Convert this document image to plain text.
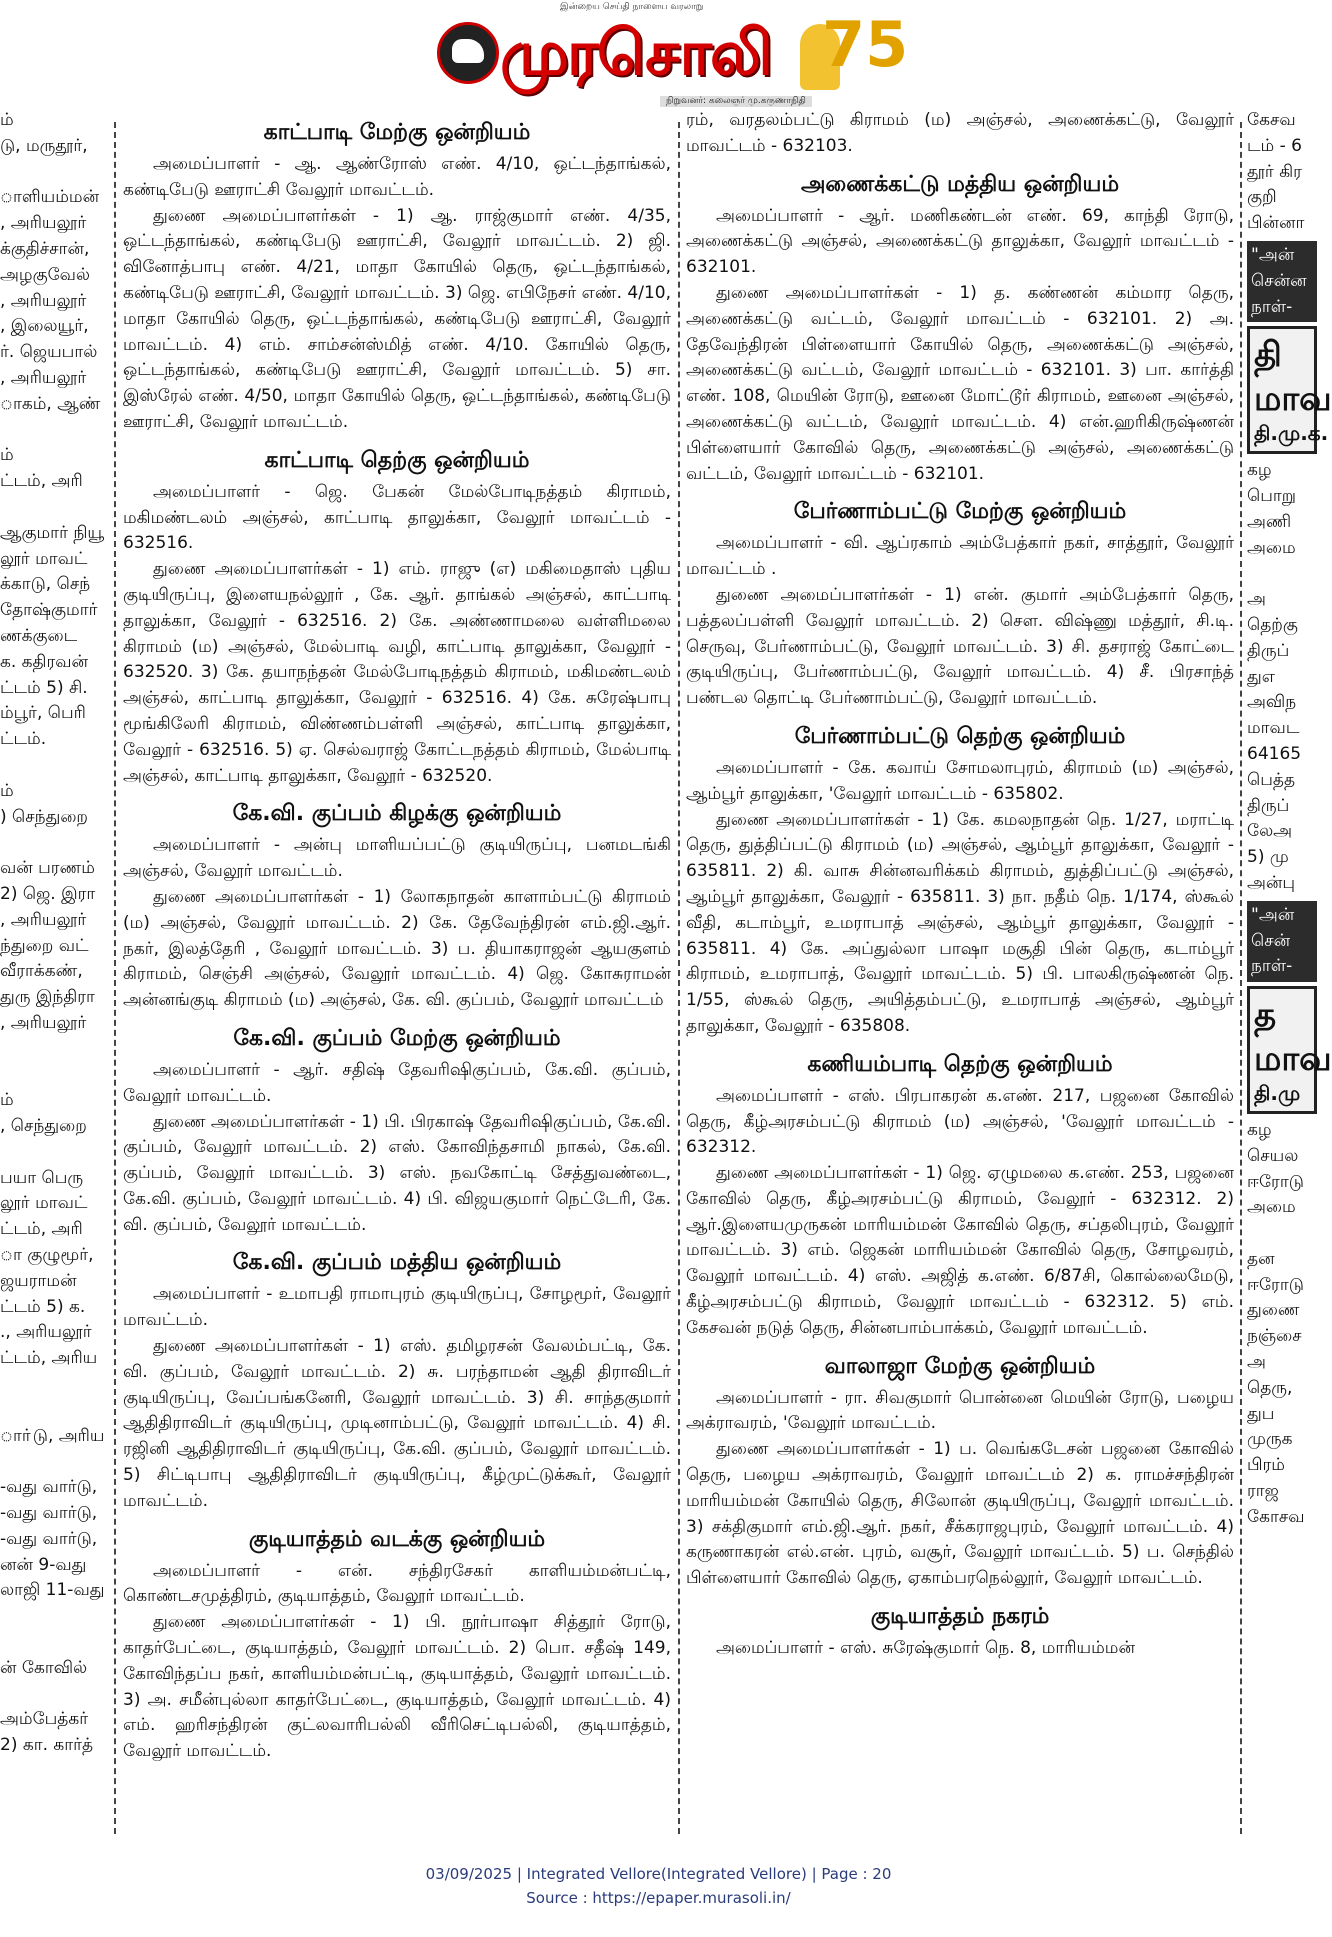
இன்றைய செய்தி நாளைய வரலாறு
முரசொலி
நிறுவனர்: கலைஞர் மு.கருணாநிதி
75

ம்

டு, மருதூர்,

ாளியம்மன்

, அரியலூர்

க்குதிச்சான்,

அழகுவேல்

, அரியலூர்

, இலையூர்,

ர். ஜெயபால்

, அரியலூர்

ாகம், ஆண்

ம்

ட்டம், அரி

ஆகுமார் நியூ

லூர் மாவட்

க்காடு, செந்

தோஷ்குமார்

ணக்குடை

க. கதிரவன்

ட்டம் 5) சி.

ம்பூர், பெரி

ட்டம்.

ம்

) செந்துறை

வன் பரணம்

2) ஜெ. இரா

, அரியலூர்

ந்துறை வட்

வீராக்கண்,

துரு இந்திரா

, அரியலூர்

ம்

, செந்துறை

பயா பெரு

லூர் மாவட்

ட்டம், அரி

ா குழுமூர்,

ஜயராமன்

ட்டம் 5) க.

., அரியலூர்

ட்டம், அரிய

ாா்டு, அரிய

-வது வார்டு,

-வது வார்டு,

-வது வார்டு,

னன் 9-வது

லாஜி 11-வது

ன் கோவில்

அம்பேத்கர்

2) கா. கார்த்

காட்பாடி மேற்கு ஒன்றியம்

அமைப்பாளர் - ஆ. ஆண்ரோஸ் எண். 4/10, ஒட்டந்தாங்கல், கண்டிபேடு ஊராட்சி வேலூர் மாவட்டம்.

துணை அமைப்பாளர்கள் - 1) ஆ. ராஜ்குமார் எண். 4/35, ஒட்டந்தாங்கல், கண்டிபேடு ஊராட்சி, வேலூர் மாவட்டம். 2) ஜி. வினோத்பாபு எண். 4/21, மாதா கோயில் தெரு, ஒட்டந்தாங்கல், கண்டிபேடு ஊராட்சி, வேலூர் மாவட்டம். 3) ஜெ. எபிநேசர் எண். 4/10, மாதா கோயில் தெரு, ஒட்டந்தாங்கல், கண்டிபேடு ஊராட்சி, வேலூர் மாவட்டம். 4) எம். சாம்சன்ஸ்மித் எண். 4/10. கோயில் தெரு, ஒட்டந்தாங்கல், கண்டிபேடு ஊராட்சி, வேலூர் மாவட்டம். 5) சா. இஸ்ரேல் எண். 4/50, மாதா கோயில் தெரு, ஒட்டந்தாங்கல், கண்டிபேடு ஊராட்சி, வேலூர் மாவட்டம்.

காட்பாடி தெற்கு ஒன்றியம்

அமைப்பாளர் - ஜெ. பேகன் மேல்போடிநத்தம் கிராமம், மகிமண்டலம் அஞ்சல், காட்பாடி தாலுக்கா, வேலூர் மாவட்டம் - 632516.

துணை அமைப்பாளர்கள் - 1) எம். ராஜு (எ) மகிமைதாஸ் புதிய குடியிருப்பு, இளையநல்லூர் , கே. ஆர். தாங்கல் அஞ்சல், காட்பாடி தாலுக்கா, வேலூர் - 632516. 2) கே. அண்ணாமலை வள்ளிமலை கிராமம் (ம) அஞ்சல், மேல்பாடி வழி, காட்பாடி தாலுக்கா, வேலூர் - 632520. 3) கே. தயாநந்தன் மேல்போடிநத்தம் கிராமம், மகிமண்டலம் அஞ்சல், காட்பாடி தாலுக்கா, வேலூர் - 632516. 4) கே. சுரேஷ்பாபு மூங்கிலேரி கிராமம், விண்ணம்பள்ளி அஞ்சல், காட்பாடி தாலுக்கா, வேலூர் - 632516. 5) ஏ. செல்வராஜ் கோட்டநத்தம் கிராமம், மேல்பாடி அஞ்சல், காட்பாடி தாலுக்கா, வேலூர் - 632520.

கே.வி. குப்பம் கிழக்கு ஒன்றியம்

அமைப்பாளர் - அன்பு மாளியப்பட்டு குடியிருப்பு, பனமடங்கி அஞ்சல், வேலூர் மாவட்டம்.

துணை அமைப்பாளர்கள் - 1) லோகநாதன் காளாம்பட்டு கிராமம் (ம) அஞ்சல், வேலூர் மாவட்டம். 2) கே. தேவேந்திரன் எம்.ஜி.ஆர். நகர், இலத்தேரி , வேலூர் மாவட்டம். 3) ப. தியாகராஜன் ஆயகுளம் கிராமம், செஞ்சி அஞ்சல், வேலூர் மாவட்டம். 4) ஜெ. கோசுராமன் அன்னங்குடி கிராமம் (ம) அஞ்சல், கே. வி. குப்பம், வேலூர் மாவட்டம்

கே.வி. குப்பம் மேற்கு ஒன்றியம்

அமைப்பாளர் - ஆர். சதிஷ் தேவரிஷிகுப்பம், கே.வி. குப்பம், வேலூர் மாவட்டம்.

துணை அமைப்பாளர்கள் - 1) பி. பிரகாஷ் தேவரிஷிகுப்பம், கே.வி. குப்பம், வேலூர் மாவட்டம். 2) எஸ். கோவிந்தசாமி நாகல், கே.வி. குப்பம், வேலூர் மாவட்டம். 3) எஸ். நவகோட்டி சேத்துவண்டை, கே.வி. குப்பம், வேலூர் மாவட்டம். 4) பி. விஜயகுமார் நெட்டேரி, கே. வி. குப்பம், வேலூர் மாவட்டம்.

கே.வி. குப்பம் மத்திய ஒன்றியம்

அமைப்பாளர் - உமாபதி ராமாபுரம் குடியிருப்பு, சோழமூர், வேலூர் மாவட்டம்.

துணை அமைப்பாளர்கள் - 1) எஸ். தமிழரசன் வேலம்பட்டி, கே. வி. குப்பம், வேலூர் மாவட்டம். 2) சு. பரந்தாமன் ஆதி திராவிடர் குடியிருப்பு, வேப்பங்கனேரி, வேலூர் மாவட்டம். 3) சி. சாந்தகுமார் ஆதிதிராவிடர் குடியிருப்பு, முடினாம்பட்டு, வேலூர் மாவட்டம். 4) சி. ரஜினி ஆதிதிராவிடர் குடியிருப்பு, கே.வி. குப்பம், வேலூர் மாவட்டம். 5) சிட்டிபாபு ஆதிதிராவிடர் குடியிருப்பு, கீழ்முட்டுக்கூர், வேலூர் மாவட்டம்.

குடியாத்தம் வடக்கு ஒன்றியம்

அமைப்பாளர் - என். சந்திரசேகர் காளியம்மன்பட்டி, கொண்டசமுத்திரம், குடியாத்தம், வேலூர் மாவட்டம்.

துணை அமைப்பாளர்கள் - 1) பி. நூர்பாஷா சித்தூர் ரோடு, காதர்பேட்டை, குடியாத்தம், வேலூர் மாவட்டம். 2) பொ. சதீஷ் 149, கோவிந்தப்ப நகர், காளியம்மன்பட்டி, குடியாத்தம், வேலூர் மாவட்டம். 3) அ. சமீன்புல்லா காதர்பேட்டை, குடியாத்தம், வேலூர் மாவட்டம். 4) எம். ஹரிசந்திரன் குட்லவாரிபல்லி வீரிசெட்டிபல்லி, குடியாத்தம், வேலூர் மாவட்டம்.

ரம், வரதலம்பட்டு கிராமம் (ம) அஞ்சல், அணைக்கட்டு, வேலூர் மாவட்டம் - 632103.

அணைக்கட்டு மத்திய ஒன்றியம்

அமைப்பாளர் - ஆர். மணிகண்டன் எண். 69, காந்தி ரோடு, அணைக்கட்டு அஞ்சல், அணைக்கட்டு தாலுக்கா, வேலூர் மாவட்டம் - 632101.

துணை அமைப்பாளர்கள் - 1) த. கண்ணன் கம்மார தெரு, அணைக்கட்டு வட்டம், வேலூர் மாவட்டம் - 632101. 2) அ. தேவேந்திரன் பிள்ளையார் கோயில் தெரு, அணைக்கட்டு அஞ்சல், அணைக்கட்டு வட்டம், வேலூர் மாவட்டம் - 632101. 3) பா. கார்த்தி எண். 108, மெயின் ரோடு, ஊனை மோட்டூர் கிராமம், ஊனை அஞ்சல், அணைக்கட்டு வட்டம், வேலூர் மாவட்டம். 4) என்.ஹரிகிருஷ்ணன் பிள்ளையார் கோவில் தெரு, அணைக்கட்டு அஞ்சல், அணைக்கட்டு வட்டம், வேலூர் மாவட்டம் - 632101.

பேர்ணாம்பட்டு மேற்கு ஒன்றியம்

அமைப்பாளர் - வி. ஆப்ரகாம் அம்பேத்கார் நகர், சாத்தூர், வேலூர் மாவட்டம் .

துணை அமைப்பாளர்கள் - 1) என். குமார் அம்பேத்கார் தெரு, பத்தலப்பள்ளி வேலூர் மாவட்டம். 2) செள. விஷ்ணு மத்தூர், சி.டி. செருவு, பேர்ணாம்பட்டு, வேலூர் மாவட்டம். 3) சி. தசராஜ் கோட்டை குடியிருப்பு, பேர்ணாம்பட்டு, வேலூர் மாவட்டம். 4) சீ. பிரசாந்த் பண்டல தொட்டி பேர்ணாம்பட்டு, வேலூர் மாவட்டம்.

பேர்ணாம்பட்டு தெற்கு ஒன்றியம்

அமைப்பாளர் - கே. கவாய் சோமலாபுரம், கிராமம் (ம) அஞ்சல், ஆம்பூர் தாலுக்கா, 'வேலூர் மாவட்டம் - 635802.

துணை அமைப்பாளர்கள் - 1) கே. கமலநாதன் நெ. 1/27, மராட்டி தெரு, துத்திப்பட்டு கிராமம் (ம) அஞ்சல், ஆம்பூர் தாலுக்கா, வேலூர் - 635811. 2) கி. வாசு சின்னவரிக்கம் கிராமம், துத்திப்பட்டு அஞ்சல், ஆம்பூர் தாலுக்கா, வேலூர் - 635811. 3) நா. நதீம் நெ. 1/174, ஸ்கூல் வீதி, கடாம்பூர், உமராபாத் அஞ்சல், ஆம்பூர் தாலுக்கா, வேலூர் - 635811. 4) கே. அப்துல்லா பாஷா மசூதி பின் தெரு, கடாம்பூர் கிராமம், உமராபாத், வேலூர் மாவட்டம். 5) பி. பாலகிருஷ்ணன் நெ. 1/55, ஸ்கூல் தெரு, அயித்தம்பட்டு, உமராபாத் அஞ்சல், ஆம்பூர் தாலுக்கா, வேலூர் - 635808.

கணியம்பாடி தெற்கு ஒன்றியம்

அமைப்பாளர் - எஸ். பிரபாகரன் க.எண். 217, பஜனை கோவில் தெரு, கீழ்அரசம்பட்டு கிராமம் (ம) அஞ்சல், 'வேலூர் மாவட்டம் - 632312.

துணை அமைப்பாளர்கள் - 1) ஜெ. ஏழுமலை க.எண். 253, பஜனை கோவில் தெரு, கீழ்அரசம்பட்டு கிராமம், வேலூர் - 632312. 2) ஆர்.இளையமுருகன் மாரியம்மன் கோவில் தெரு, சப்தலிபுரம், வேலூர் மாவட்டம். 3) எம். ஜெகன் மாரியம்மன் கோவில் தெரு, சோழவரம், வேலூர் மாவட்டம். 4) எஸ். அஜித் க.எண். 6/87சி, கொல்லைமேடு, கீழ்அரசம்பட்டு கிராமம், வேலூர் மாவட்டம் - 632312. 5) எம். கேசவன் நடுத் தெரு, சின்னபாம்பாக்கம், வேலூர் மாவட்டம்.

வாலாஜா மேற்கு ஒன்றியம்

அமைப்பாளர் - ரா. சிவகுமார் பொன்னை மெயின் ரோடு, பழைய அக்ராவரம், 'வேலூர் மாவட்டம்.

துணை அமைப்பாளர்கள் - 1) ப. வெங்கடேசன் பஜனை கோவில் தெரு, பழைய அக்ராவரம், வேலூர் மாவட்டம் 2) க. ராமச்சந்திரன் மாரியம்மன் கோயில் தெரு, சிலோன் குடியிருப்பு, வேலூர் மாவட்டம். 3) சக்திகுமார் எம்.ஜி.ஆர். நகர், சீக்கராஜபுரம், வேலூர் மாவட்டம். 4) கருணாகரன் எல்.என். புரம், வசூர், வேலூர் மாவட்டம். 5) ப. செந்தில் பிள்ளையார் கோவில் தெரு, ஏகாம்பரநெல்லூர், வேலூர் மாவட்டம்.

குடியாத்தம் நகரம்

அமைப்பாளர் - எஸ். சுரேஷ்குமார் நெ. 8, மாரியம்மன்

கேசவ

டம் - 6

தூர் கிர

குறி

பின்னா

"அன்

சென்ன

நாள்-

தி
மாவ
தி.மு.க.

கழ

பொறு

அணி

அமை

அ

தெற்கு

திருப்

துஎ

அவிந

மாவட

64165

பெத்த

திருப்

லேஅ

5) மு

அன்பு

"அன்

சென்

நாள்-

த
மாவ
தி.மு

கழ

செயல

ஈரோடு

அமை

தன

ஈரோடு

துணை

நஞ்சை

அ

தெரு,

துப

முருக

பிரம்

ராஜ

கோசவ

03/09/2025 | Integrated Vellore(Integrated Vellore) | Page : 20
Source : https://epaper.murasoli.in/
